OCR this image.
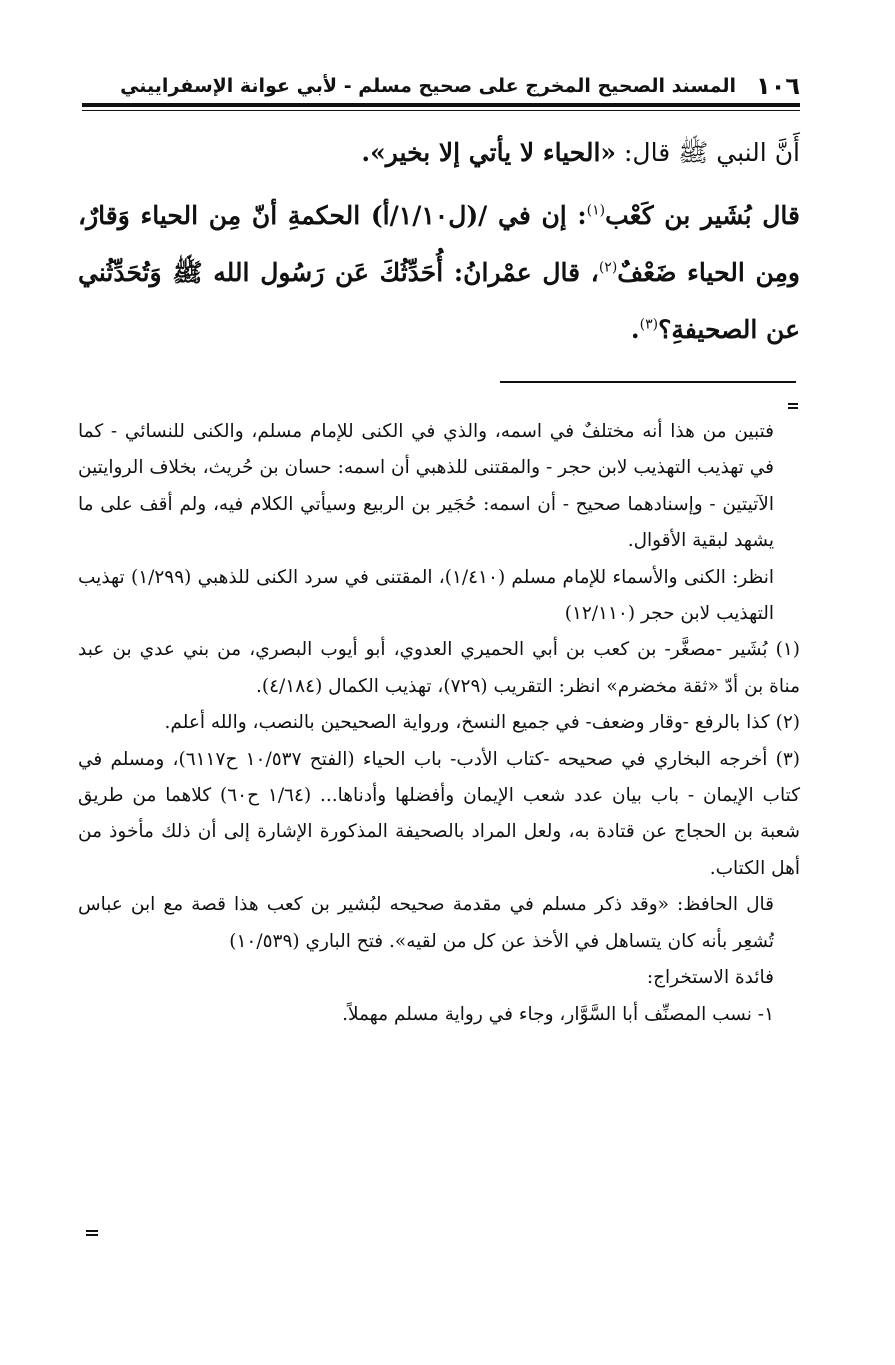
١٠٦
المسند الصحيح المخرج على صحيح مسلم - لأبي عوانة الإسفراييني

أَنَّ النبي ﷺ قال: «الحياء لا يأتي إلا بخير».

قال بُشَير بن كَعْب$^{(١)}$: إن في /(ل١/١٠/أ) الحكمةِ أنّ مِن الحياء وَقارٌ، ومِن الحياء ضَعْفٌ$^{(٢)}$، قال عمْرانُ: أُحَدِّثُكَ عَن رَسُول الله ﷺ وَتُحَدِّثُني عن الصحيفةِ؟$^{(٣)}$.

فتبين من هذا أنه مختلفٌ في اسمه، والذي في الكنى للإمام مسلم، والكنى للنسائي - كما في تهذيب التهذيب لابن حجر - والمقتنى للذهبي أن اسمه: حسان بن حُريث، بخلاف الروايتين الآتيتين - وإسنادهما صحيح - أن اسمه: حُجَير بن الربيع وسيأتي الكلام فيه، ولم أقف على ما يشهد لبقية الأقوال.

انظر: الكنى والأسماء للإمام مسلم (١/٤١٠)، المقتنى في سرد الكنى للذهبي (١/٢٩٩) تهذيب التهذيب لابن حجر (١٢/١١٠)

(١) بُشَير -مصغَّر- بن كعب بن أبي الحميري العدوي، أبو أيوب البصري، من بني عدي بن عبد مناة بن أدّ «ثقة مخضرم» انظر: التقريب (٧٢٩)، تهذيب الكمال (٤/١٨٤).

(٢) كذا بالرفع -وقار وضعف- في جميع النسخ، ورواية الصحيحين بالنصب، والله أعلم.

(٣) أخرجه البخاري في صحيحه -كتاب الأدب- باب الحياء (الفتح ١٠/٥٣٧ ح٦١١٧)، ومسلم في كتاب الإيمان - باب بيان عدد شعب الإيمان وأفضلها وأدناها... (١/٦٤ ح٦٠) كلاهما من طريق شعبة بن الحجاج عن قتادة به، ولعل المراد بالصحيفة المذكورة الإشارة إلى أن ذلك مأخوذ من أهل الكتاب.

قال الحافظ: «وقد ذكر مسلم في مقدمة صحيحه لبُشير بن كعب هذا قصة مع ابن عباس تُشعِر بأنه كان يتساهل في الأخذ عن كل من لقيه». فتح الباري (١٠/٥٣٩)

فائدة الاستخراج:

١- نسب المصنِّف أبا السَّوَّار، وجاء في رواية مسلم مهملاً.
